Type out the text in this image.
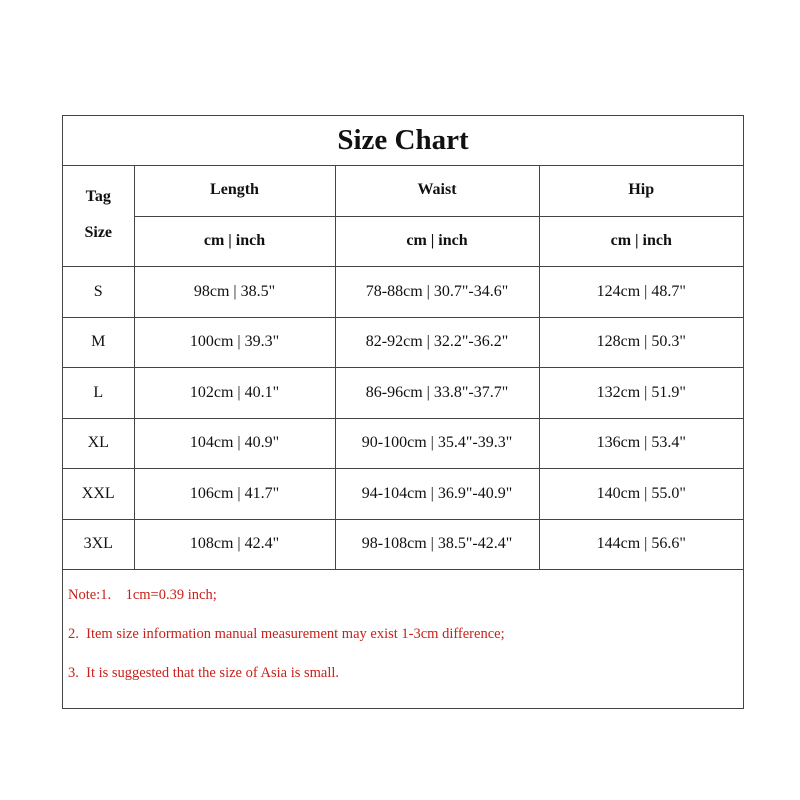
Size Chart
Tag
Size	Length	Waist	Hip
	cm | inch	cm | inch	cm | inch
S	98cm | 38.5"	78-88cm | 30.7"-34.6"	124cm | 48.7"
M	100cm | 39.3"	82-92cm | 32.2"-36.2"	128cm | 50.3"
L	102cm | 40.1"	86-96cm | 33.8"-37.7"	132cm | 51.9"
XL	104cm | 40.9"	90-100cm | 35.4"-39.3"	136cm | 53.4"
XXL	106cm | 41.7"	94-104cm | 36.9"-40.9"	140cm | 55.0"
3XL	108cm | 42.4"	98-108cm | 38.5"-42.4"	144cm | 56.6"
Note:1.    1cm=0.39 inch;
2.  Item size information manual measurement may exist 1-3cm difference;
3.  It is suggested that the size of Asia is small.
